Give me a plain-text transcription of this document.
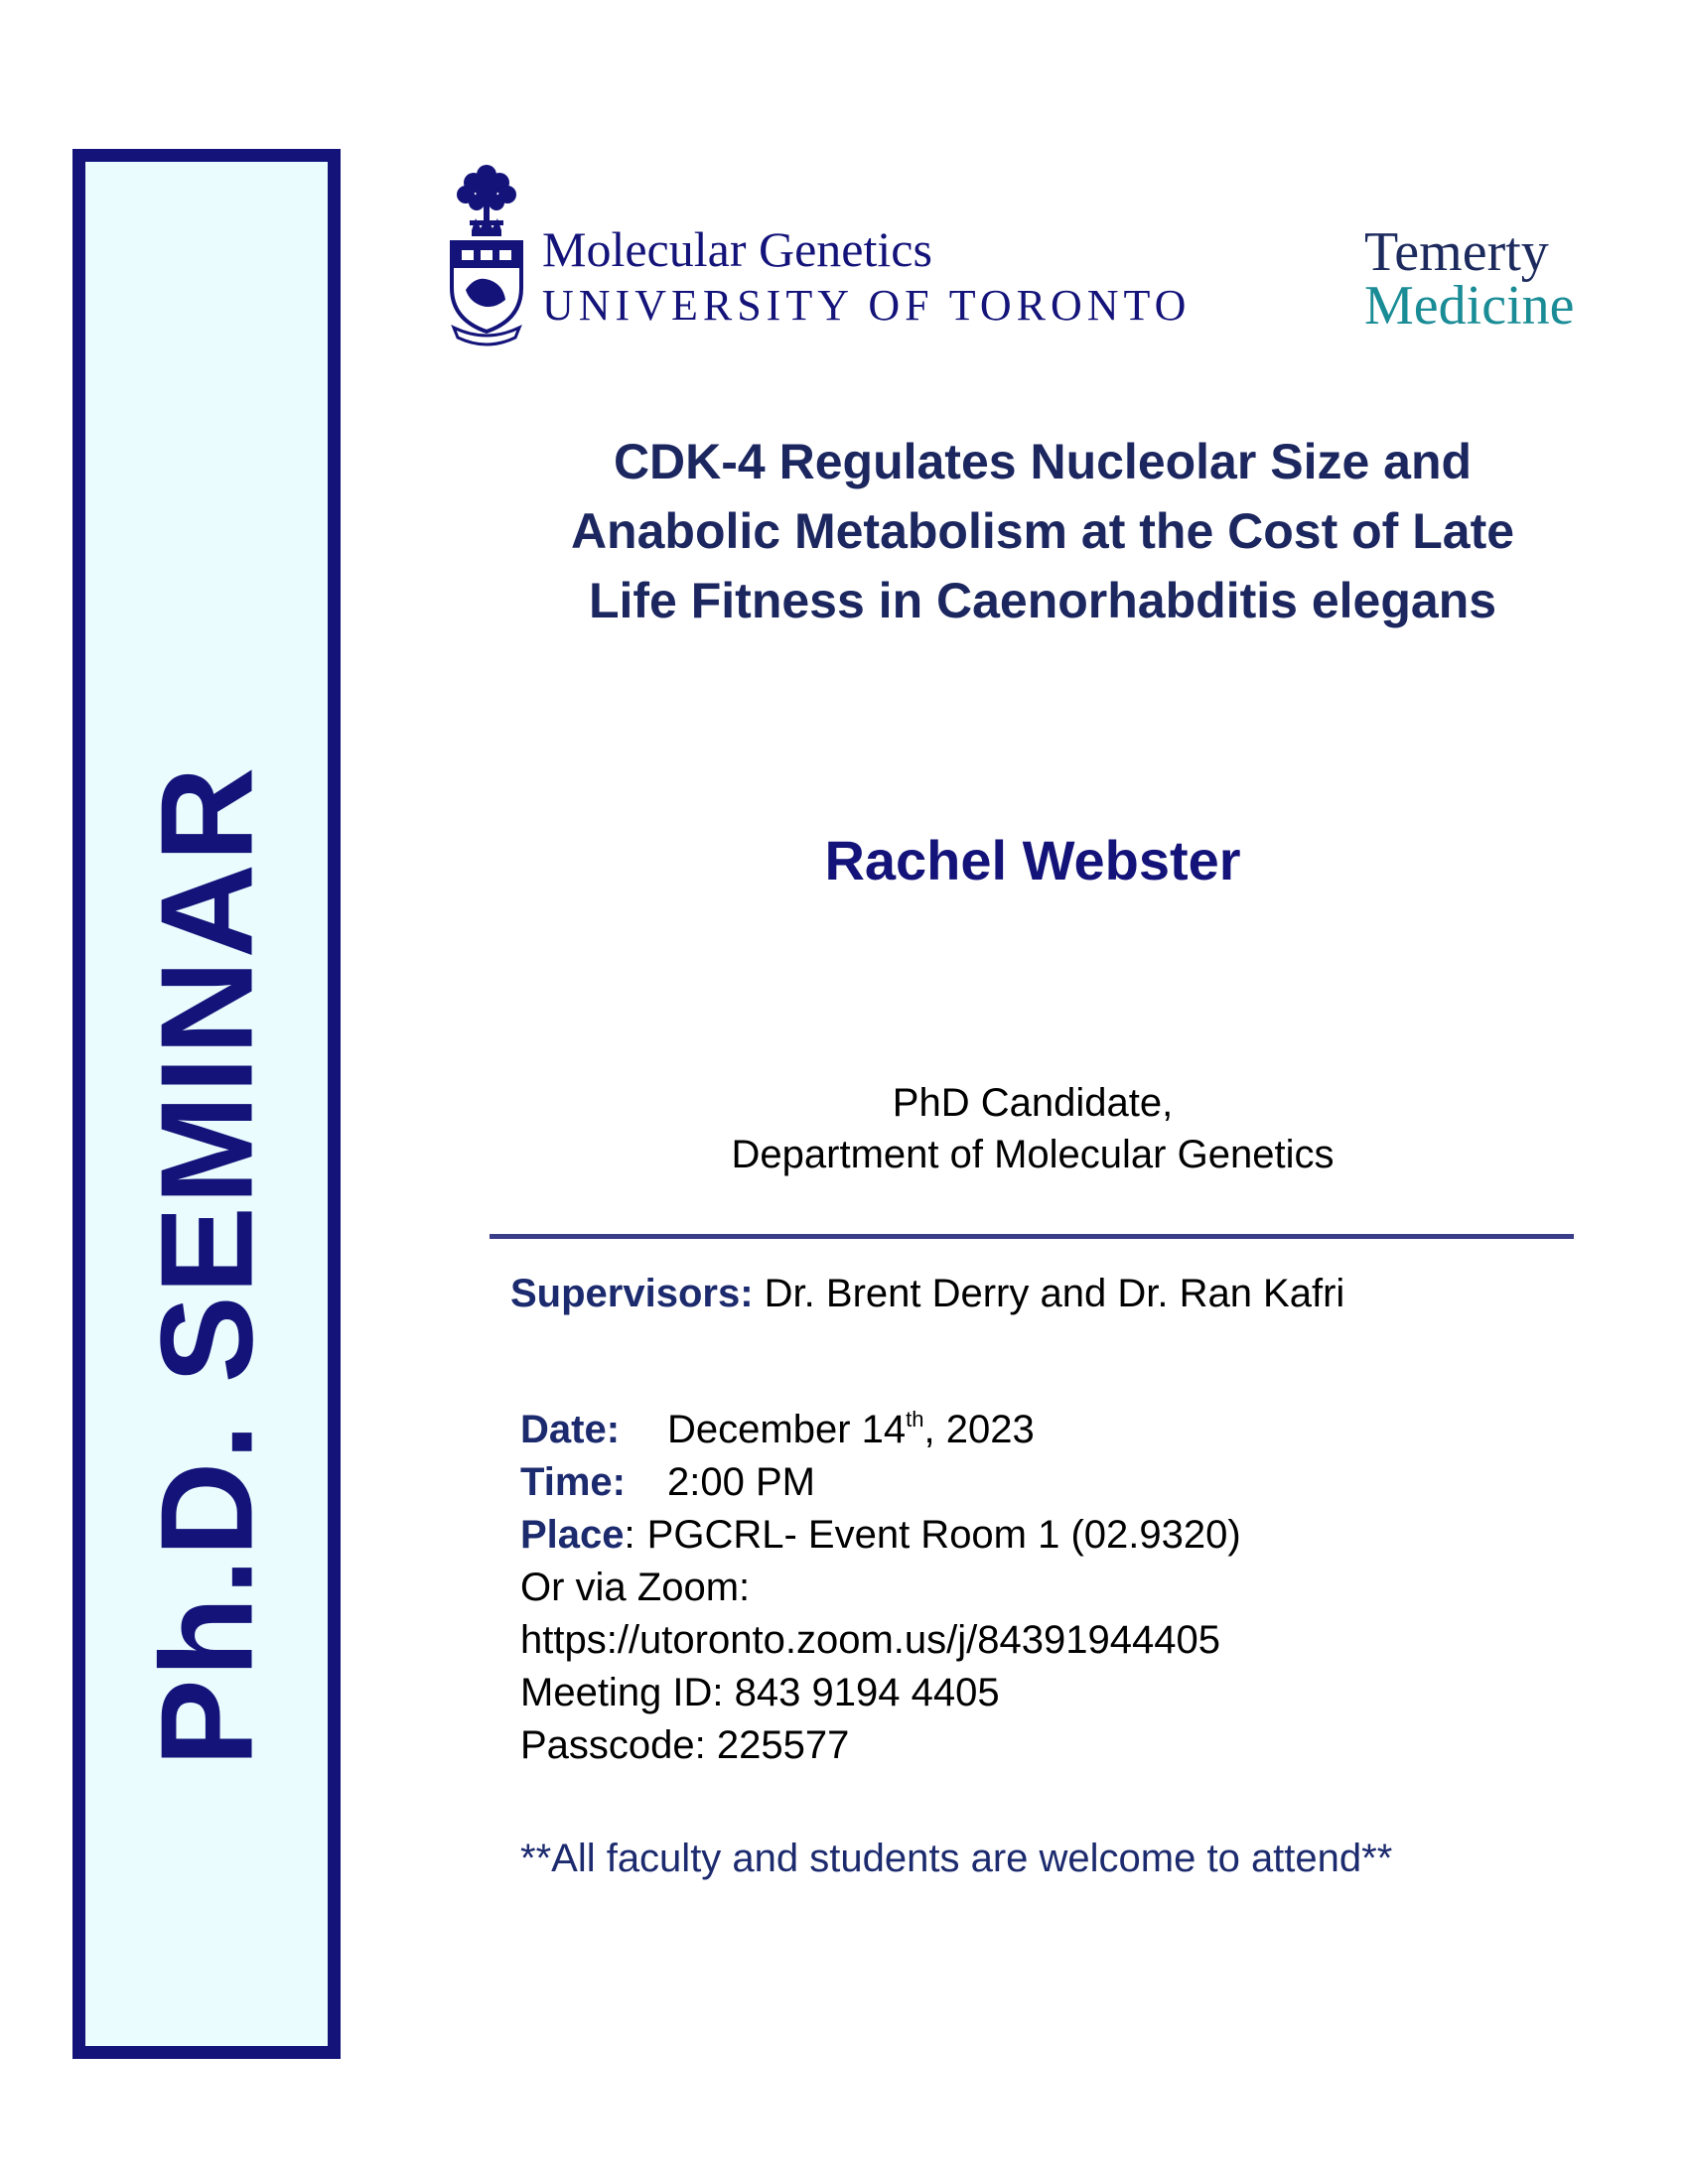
Ph.D. SEMINAR
Molecular Genetics
UNIVERSITY OF TORONTO
Temerty
Medicine
CDK-4 Regulates Nucleolar Size and
Anabolic Metabolism at the Cost of Late
Life Fitness in Caenorhabditis elegans
Rachel Webster
PhD Candidate,
Department of Molecular Genetics
Supervisors: Dr. Brent Derry and Dr. Ran Kafri
Date: December 14th, 2023
Time: 2:00 PM
Place: PGCRL- Event Room 1 (02.9320)
Or via Zoom:
https://utoronto.zoom.us/j/84391944405
Meeting ID: 843 9194 4405
Passcode: 225577
**All faculty and students are welcome to attend**
